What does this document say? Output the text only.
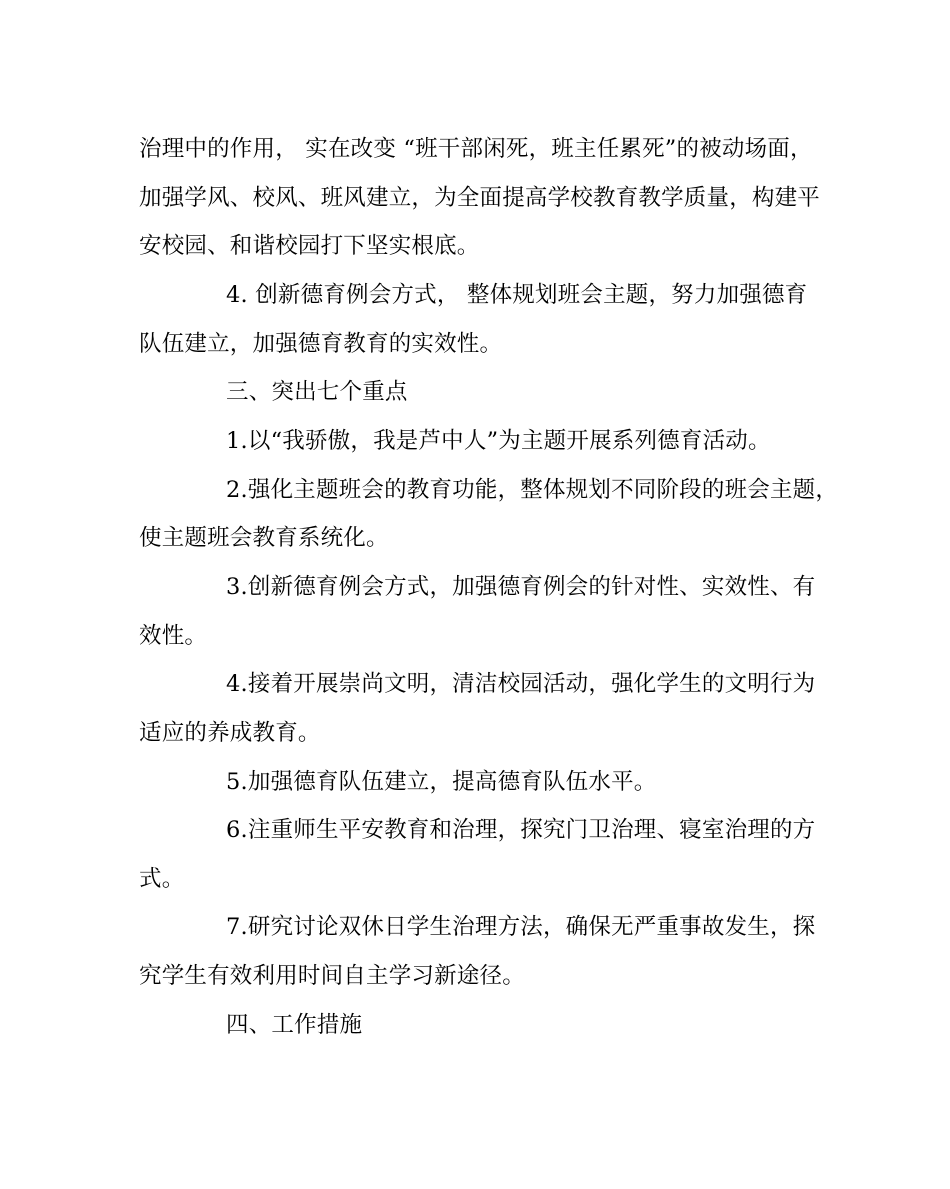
治理中的作用， 实在改变 “班干部闲死，班主任累死”的被动场面，
加强学风、校风、班风建立，为全面提高学校教育教学质量，构建平
安校园、和谐校园打下坚实根底。
4. 创新德育例会方式， 整体规划班会主题，努力加强德育
队伍建立，加强德育教育的实效性。
三、突出七个重点
1.以“我骄傲，我是芦中人”为主题开展系列德育活动。
2.强化主题班会的教育功能，整体规划不同阶段的班会主题，
使主题班会教育系统化。
3.创新德育例会方式，加强德育例会的针对性、实效性、有
效性。
4.接着开展崇尚文明，清洁校园活动，强化学生的文明行为
适应的养成教育。
5.加强德育队伍建立，提高德育队伍水平。
6.注重师生平安教育和治理，探究门卫治理、寝室治理的方
式。
7.研究讨论双休日学生治理方法，确保无严重事故发生，探
究学生有效利用时间自主学习新途径。
四、工作措施
